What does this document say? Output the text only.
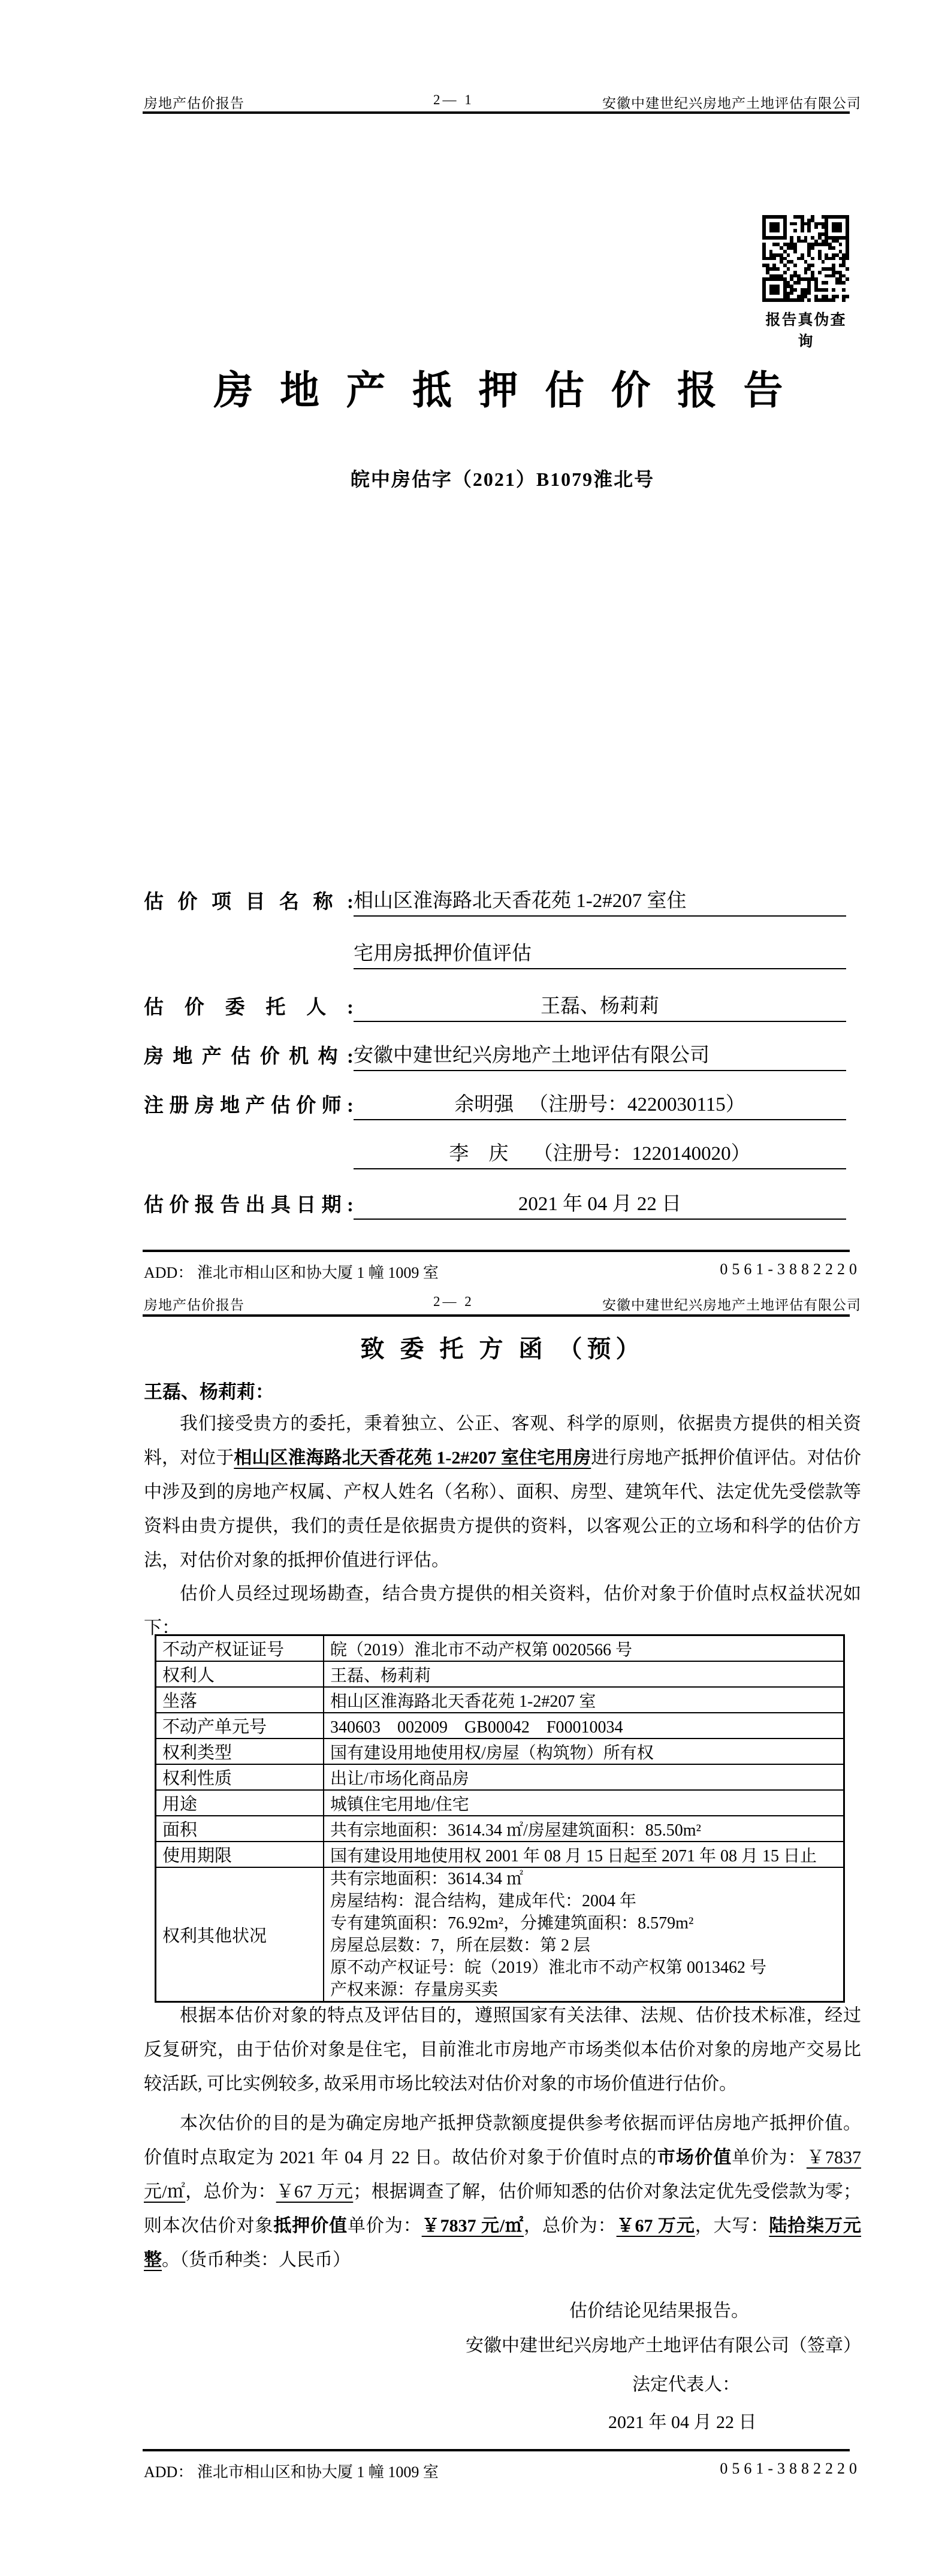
房地产估价报告	2— 1	安徽中建世纪兴房地产土地评估有限公司
报告真伪查询
房 地 产 抵 押 估 价 报 告
皖中房估字（2021）B1079淮北号
估 价 项 目 名 称 : 相山区淮海路北天香花苑 1-2#207 室住
宅用房抵押价值评估
估 价 委 托 人 :	王磊、杨莉莉
房地产估价机构: 安徽中建世纪兴房地产土地评估有限公司
注册房地产估价师:	余明强 　（注册号：4220030115）
李　庆　 （注册号：1220140020）
估价报告出具日期:	2021 年 04 月 22 日
ADD： 淮北市相山区和协大厦 1 幢 1009 室	0561-3882220
房地产估价报告	2— 2	安徽中建世纪兴房地产土地评估有限公司
致 委 托 方 函 （预）
王磊、杨莉莉：
我们接受贵方的委托，秉着独立、公正、客观、科学的原则，依据贵方提供的相关资料，对位于相山区淮海路北天香花苑 1-2#207 室住宅用房进行房地产抵押价值评估。对估价中涉及到的房地产权属、产权人姓名（名称）、面积、房型、建筑年代、法定优先受偿款等资料由贵方提供，我们的责任是依据贵方提供的资料，以客观公正的立场和科学的估价方法，对估价对象的抵押价值进行评估。
估价人员经过现场勘查，结合贵方提供的相关资料，估价对象于价值时点权益状况如下：
不动产权证证号	皖（2019）淮北市不动产权第 0020566 号
权利人	王磊、杨莉莉
坐落	相山区淮海路北天香花苑 1-2#207 室
不动产单元号	340603　002009　GB00042　F00010034
权利类型	国有建设用地使用权/房屋（构筑物）所有权
权利性质	出让/市场化商品房
用途	城镇住宅用地/住宅
面积	共有宗地面积：3614.34 ㎡/房屋建筑面积：85.50m²
使用期限	国有建设用地使用权 2001 年 08 月 15 日起至 2071 年 08 月 15 日止
权利其他状况	
共有宗地面积：3614.34 ㎡
房屋结构：混合结构，建成年代：2004 年
专有建筑面积：76.92m²，分摊建筑面积：8.579m²
房屋总层数：7，所在层数：第 2 层
原不动产权证号：皖（2019）淮北市不动产权第 0013462 号
产权来源：存量房买卖
根据本估价对象的特点及评估目的，遵照国家有关法律、法规、估价技术标准，经过反复研究，由于估价对象是住宅，目前淮北市房地产市场类似本估价对象的房地产交易比较活跃, 可比实例较多, 故采用市场比较法对估价对象的市场价值进行估价。
本次估价的目的是为确定房地产抵押贷款额度提供参考依据而评估房地产抵押价值。价值时点取定为 2021 年 04 月 22 日。故估价对象于价值时点的市场价值单价为：￥7837 元/㎡，总价为：￥67 万元；根据调查了解，估价师知悉的估价对象法定优先受偿款为零；则本次估价对象抵押价值单价为：￥7837 元/㎡，总价为：￥67 万元，大写：陆拾柒万元整。（货币种类：人民币）
估价结论见结果报告。
安徽中建世纪兴房地产土地评估有限公司（签章）
法定代表人：
2021 年 04 月 22 日
ADD： 淮北市相山区和协大厦 1 幢 1009 室	0561-3882220
